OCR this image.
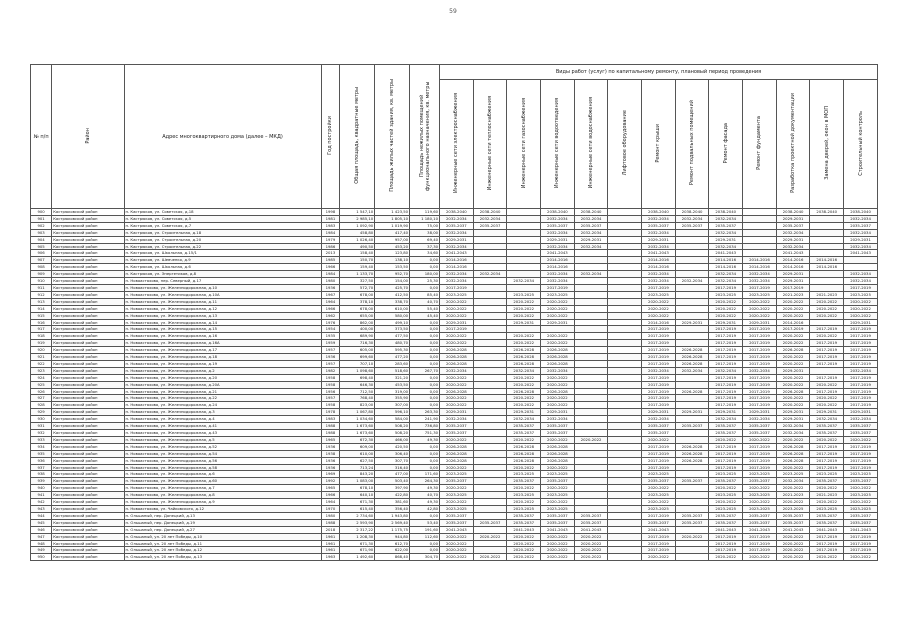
59
№ п/п	Район	Адрес многоквартирного дома (далее – МКД)	Год постройки	Общая площадь, квадратные метры	Площадь жилых частей здания, кв. метры	Площадь нежилых помещений функционального назначения, кв. метры	Виды работ (услуг) по капитальному ремонту, плановый период проведения												
							Инженерные сети электроснабжения	Инженерные сети теплоснабжения	Инженерные сети газоснабжения	Инженерные сети водоотведения	Инженерные сети водоснабжения	Лифтовое оборудование	Ремонт крыши	Ремонт подвальных помещений	Ремонт фасада	Ремонт фундамента	Разработка проектной документации	Замена дверей, окон в МОП	Строительный контроль
900	Кастрюковский район	п. Кастрюков, ул. Советская, д.18	1998	1 547,10	1 423,50	119,60	2038-2040	2038-2040		2038-2040	2038-2040		2038-2040	2038-2040	2038-2040		2038-2040	2038-2040	2038-2040
901	Кастрюковский район	п. Кастрюков, ул. Советская, д.5	1981	2 985,10	1 805,10	1 180,10	2032-2034	2032-2034		2032-2034	2032-2034		2032-2034	2032-2034	2032-2034		2029-2031		2032-2034
902	Кастрюковский район	п. Кастрюков, ул. Советская, д.7	1983	1 092,90	1 019,90	75,00	2035-2037	2035-2037		2035-2037	2035-2037		2035-2037	2035-2037	2035-2037		2035-2037		2035-2037
903	Кастрюковский район	п. Кастрюков, ул. Строительная, д.18	1984	458,80	417,40	38,00	2032-2034			2032-2034	2032-2034		2032-2034		2032-2034		2032-2034		2032-2034
904	Кастрюковский район	п. Кастрюков, ул. Строительная, д.20	1979	1 026,40	957,00	69,40	2029-2031			2029-2031	2029-2031		2029-2031		2029-2031		2029-2031		2029-2031
905	Кастрюковский район	п. Кастрюков, ул. Строительная, д.22	1986	490,50	453,20	37,30	2032-2034			2032-2034	2032-2034		2032-2034		2032-2034		2032-2034		2032-2034
906	Кастрюковский район	п. Кастрюков, ул. Школьная, д.15/1	2013	158,40	123,80	34,60	2041-2043			2041-2043			2041-2043		2041-2043		2041-2043		2041-2043
907	Кастрюковский район	п. Кастрюков, ул. Шевченко, д.9	1985	150,70	138,10	0,00	2014-2016			2014-2016			2014-2016		2014-2016	2014-2016	2014-2016	2014-2016	
908	Кастрюковский район	п. Кастрюков, ул. Школьная, д.6	1966	159,40	153,50	0,00	2014-2016			2014-2016			2014-2016		2014-2016	2014-2016	2014-2016	2014-2016	
909	Кастрюковский район	п. Кастрюков, ул. Энергетиков, д.8	1984	1 133,70	952,70	180,00	2032-2034	2032-2034		2032-2034	2032-2034		2032-2034		2032-2034	2032-2034	2029-2031		2032-2034
910	Кастрюковский район	п. Новоастахово, пер. Северный, д.17	1980	327,50	154,00	25,30	2032-2034		2032-2034	2032-2034			2032-2034	2032-2034	2032-2034	2032-2034	2029-2031		2032-2034
911	Кастрюковский район	п. Новоастахово, ул. Железнодорожная, д.10	1936	572,70	425,70	0,00	2017-2019			2017-2019			2017-2019		2017-2019	2017-2019	2017-2019		2017-2019
912	Кастрюковский район	п. Новоастахово, ул. Железнодорожная, д.10А	1967	678,00	412,50	85,40	2023-2025		2023-2025	2023-2025			2023-2025		2023-2025	2023-2025	2021-2023	2021-2023	2023-2025
913	Кастрюковский район	п. Новоастахово, ул. Железнодорожная, д.11	1964	378,10	338,70	40,70	2020-2022		2020-2022	2020-2022			2020-2022		2020-2022	2020-2022	2020-2022	2020-2022	2020-2022
914	Кастрюковский район	п. Новоастахово, ул. Железнодорожная, д.12	1966	678,00	610,00	55,40	2020-2022		2020-2022	2020-2022			2020-2022		2020-2022	2020-2022	2020-2022	2020-2022	2020-2022
915	Кастрюковский район	п. Новоастахово, ул. Железнодорожная, д.13	1962	655,00	580,00	45,40	2020-2022		2020-2022	2020-2022			2020-2022		2020-2022	2020-2022	2020-2022	2020-2022	2020-2022
916	Кастрюковский район	п. Новоастахово, ул. Железнодорожная, д.14	1976	862,00	499,10	0,00	2029-2031		2029-2031	2029-2031			2014-2016	2029-2031	2029-2031	2029-2031	2014-2016		2029-2031
917	Кастрюковский район	п. Новоастахово, ул. Железнодорожная, д.15	1954	400,00	373,50	0,00	2017-2019						2017-2019		2017-2019	2017-2019	2017-2019	2017-2019	2017-2019
918	Кастрюковский район	п. Новоастахово, ул. Железнодорожная, д.16	1935	689,90	477,50	0,00	2020-2022		2020-2022	2020-2022			2017-2019		2017-2019	2017-2019	2020-2022	2020-2022	2017-2019
919	Кастрюковский район	п. Новоастахово, ул. Железнодорожная, д.16А	1959	716,30	480,70	0,00	2020-2022		2020-2022	2020-2022			2017-2019		2017-2019	2017-2019	2020-2022	2017-2019	2017-2019
920	Кастрюковский район	п. Новоастахово, ул. Железнодорожная, д.17	1957	605,00	595,30	0,00	2026-2028		2026-2028	2026-2028			2017-2019	2026-2028	2017-2019	2017-2019	2026-2028	2017-2019	2017-2019
921	Кастрюковский район	п. Новоастахово, ул. Железнодорожная, д.18	1936	699,60	477,20	0,00	2026-2028		2026-2028	2026-2028			2017-2019	2026-2028	2017-2019	2017-2019	2020-2022	2017-2019	2017-2019
922	Кастрюковский район	п. Новоастахово, ул. Железнодорожная, д.19	1957	707,10	283,60	0,00	2026-2028		2026-2028	2026-2028			2017-2019	2026-2028	2017-2019	2017-2019	2020-2022	2017-2019	2017-2019
923	Кастрюковский район	п. Новоастахово, ул. Железнодорожная, д.2	1982	1 098,60	518,60	267,70	2032-2034		2032-2034	2032-2034			2032-2034	2032-2034	2032-2034	2032-2034	2029-2031		2032-2034
924	Кастрюковский район	п. Новоастахово, ул. Железнодорожная, д.20	1958	698,40	321,20	0,00	2020-2022		2020-2022	2020-2022			2017-2019		2017-2019	2017-2019	2020-2022	2017-2019	2017-2019
925	Кастрюковский район	п. Новоастахово, ул. Железнодорожная, д.20А	1958	646,30	453,50	0,00	2020-2022		2020-2022	2020-2022			2017-2019		2017-2019	2017-2019	2020-2022	2020-2022	2017-2019
926	Кастрюковский район	п. Новоастахово, ул. Железнодорожная, д.21	1956	712,50	319,00	0,00	2026-2028		2026-2028	2026-2028			2017-2019	2026-2028	2017-2019	2017-2019	2026-2028	2017-2019	2017-2019
927	Кастрюковский район	п. Новоастахово, ул. Железнодорожная, д.22	1957	768,40	355,90	0,00	2020-2022		2020-2022	2020-2022			2017-2019		2017-2019	2017-2019	2020-2022	2020-2022	2017-2019
928	Кастрюковский район	п. Новоастахово, ул. Железнодорожная, д.24	1958	823,00	307,00	0,00	2020-2022		2020-2022	2020-2022			2017-2019		2017-2019	2017-2019	2020-2022	2020-2022	2017-2019
929	Кастрюковский район	п. Новоастахово, ул. Железнодорожная, д.3	1978	1 067,80	596,10	263,30	2029-2031		2029-2031	2029-2031			2029-2031	2029-2031	2029-2031	2029-2031	2029-2031	2029-2031	2029-2031
930	Кастрюковский район	п. Новоастахово, ул. Железнодорожная, д.4	1983	1 034,60	584,00	241,90	2032-2034		2032-2034	2032-2034			2032-2034		2032-2034	2032-2034	2029-2031	2032-2034	2032-2034
931	Кастрюковский район	п. Новоастахово, ул. Железнодорожная, д.41	1988	1 673,60	508,20	736,80	2035-2037		2035-2037	2035-2037			2035-2037	2035-2037	2035-2037	2035-2037	2032-2034	2035-2037	2035-2037
932	Кастрюковский район	п. Новоастахово, ул. Железнодорожная, д.43	1988	1 673,60	508,20	751,30	2035-2037		2035-2037	2035-2037			2035-2037		2035-2037	2035-2037	2032-2034	2035-2037	2035-2037
933	Кастрюковский район	п. Новоастахово, ул. Железнодорожная, д.5	1965	672,30	466,00	49,30	2020-2022		2020-2022	2020-2022	2020-2022		2020-2022		2020-2022	2020-2022	2020-2022	2020-2022	2020-2022
934	Кастрюковский район	п. Новоастахово, ул. Железнодорожная, д.52	1936	609,00	420,50	0,00	2026-2028		2026-2028	2026-2028			2017-2019	2026-2028	2017-2019	2017-2019	2026-2028	2017-2019	2017-2019
935	Кастрюковский район	п. Новоастахово, ул. Железнодорожная, д.54	1938	610,00	306,40	0,00	2026-2028		2026-2028	2026-2028			2017-2019	2026-2028	2017-2019	2017-2019	2026-2028	2017-2019	2017-2019
936	Кастрюковский район	п. Новоастахово, ул. Железнодорожная, д.56	1936	627,50	307,70	0,00	2026-2028		2026-2028	2026-2028			2017-2019	2026-2028	2017-2019	2017-2019	2026-2028	2017-2019	2017-2019
937	Кастрюковский район	п. Новоастахово, ул. Железнодорожная, д.58	1936	713,24	316,40	0,00	2020-2022		2020-2022	2020-2022			2017-2019		2017-2019	2017-2019	2020-2022	2017-2019	2017-2019
938	Кастрюковский район	п. Новоастахово, ул. Железнодорожная, д.6	1969	843,20	477,00	171,60	2023-2025		2023-2025	2023-2025			2023-2025		2023-2025	2023-2025	2023-2025	2023-2025	2023-2025
939	Кастрюковский район	п. Новоастахово, ул. Железнодорожная, д.60	1992	1 083,00	503,40	264,30	2035-2037		2035-2037	2035-2037			2035-2037	2035-2037	2035-2037	2035-2037	2032-2034	2035-2037	2035-2037
940	Кастрюковский район	п. Новоастахово, ул. Железнодорожная, д.7	1965	678,10	397,90	49,30	2020-2022		2020-2022	2020-2022			2020-2022		2020-2022	2020-2022	2020-2022	2020-2022	2020-2022
941	Кастрюковский район	п. Новоастахово, ул. Железнодорожная, д.8	1966	640,10	422,80	40,70	2023-2025		2023-2025	2023-2025			2023-2025		2023-2025	2023-2025	2021-2023	2021-2023	2023-2025
942	Кастрюковский район	п. Новоастахово, ул. Железнодорожная, д.9	1964	671,30	381,60	49,30	2020-2022		2020-2022	2020-2022			2020-2022		2020-2022	2020-2022	2020-2022	2020-2022	2020-2022
943	Кастрюковский район	п. Новоастахово, ул. Чайковского, д.12	1970	615,40	356,40	42,80	2023-2025		2023-2025	2023-2025			2023-2025		2023-2025	2023-2025	2023-2025	2023-2025	2023-2025
944	Кастрюковский район	п. Ольшаный, пер. Донецкий, д.13	1980	2 734,60	1 943,80	0,00	2035-2037		2035-2037	2035-2037	2035-2037		2017-2019	2035-2037	2035-2037	2035-2037	2035-2037	2035-2037	2035-2037
945	Кастрюковский район	п. Ольшаный, пер. Донецкий, д.19	1988	2 593,90	2 569,40	53,40	2035-2037	2035-2037	2035-2037	2035-2037	2035-2037		2035-2037	2035-2037	2035-2037	2035-2037	2035-2037	2035-2037	2035-2037
946	Кастрюковский район	п. Ольшаный, пер. Донецкий, д.27	2018	2 317,22	1 175,75	191,60	2041-2043		2041-2043	2041-2043	2041-2043		2041-2043		2041-2043	2041-2043	2041-2043	2041-2043	2041-2043
947	Кастрюковский район	п. Ольшаный, ул. 20 лет Победы, д.10	1961	1 208,30	944,80	112,60	2020-2022	2020-2022	2020-2022	2020-2022	2020-2022		2017-2019	2020-2022	2017-2019	2017-2019	2020-2022	2017-2019	2017-2019
948	Кастрюковский район	п. Ольшаный, ул. 20 лет Победы, д.11	1961	671,30	612,70	0,00	2020-2022		2020-2022	2020-2022	2020-2022		2017-2019		2017-2019	2017-2019	2020-2022	2017-2019	2017-2019
949	Кастрюковский район	п. Ольшаный, ул. 20 лет Победы, д.12	1961	671,90	622,00	0,00	2020-2022		2020-2022	2020-2022	2020-2022		2017-2019		2017-2019	2017-2019	2020-2022	2017-2019	2017-2019
950	Кастрюковский район	п. Ольшаный, ул. 20 лет Победы, д.13	1963	1 492,60	868,40	304,70	2020-2022	2020-2022	2020-2022	2020-2022	2020-2022		2020-2022		2020-2022	2020-2022	2020-2022	2020-2022	2020-2022
